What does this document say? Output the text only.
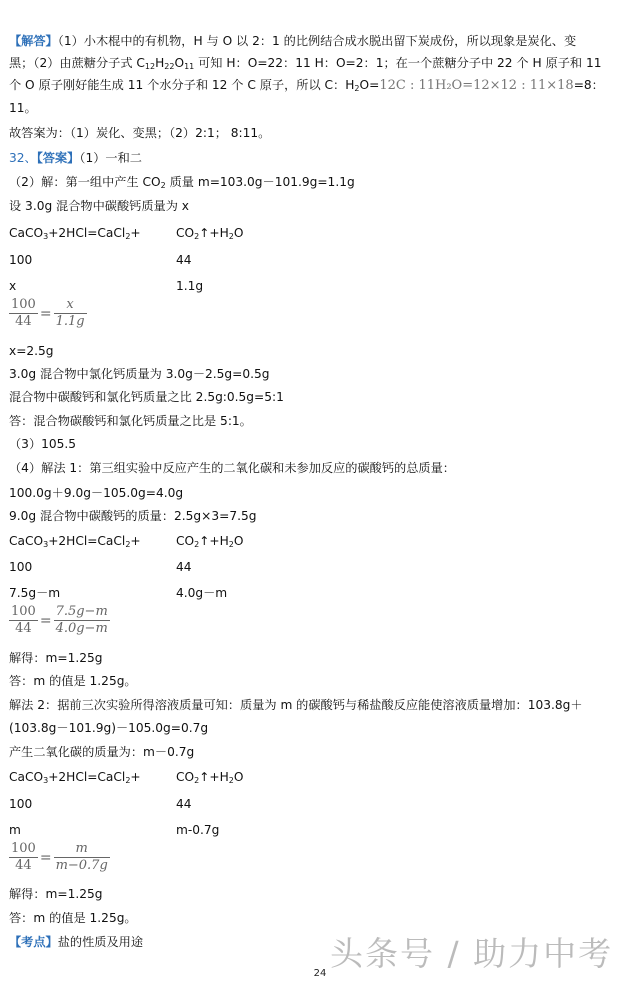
【解答】（1）小木棍中的有机物，H 与 O 以 2：1 的比例结合成水脱出留下炭成份，所以现象是炭化、变
黑；（2）由蔗糖分子式 $C_{12}H_{22}O_{11}$ 可知 H：O=22：11 H：O=2：1；在一个蔗糖分子中 22 个 H 原子和 11
个 O 原子刚好能生成 11 个水分子和 12 个 C 原子，所以 C：$H_2O=12C$ : 11H₂O=12×12 : 11×18=8：
11。
故答案为：（1）炭化、变黑；（2）2:1； 8:11。
32、【答案】（1）一和二
（2）解：第一组中产生 $CO_2$ 质量 m=103.0g－101.9g=1.1g
设 3.0g 混合物中碳酸钙质量为 x
CaCO$_3$+2HCl=CaCl$_2$+	$CO_2↑+H_2O$
100	44
x	1.1g
$\frac{100}{44} = \frac{x}{1.1g}$
x=2.5g
3.0g 混合物中氯化钙质量为 3.0g－2.5g=0.5g
混合物中碳酸钙和氯化钙质量之比 2.5g:0.5g=5:1
答：混合物碳酸钙和氯化钙质量之比是 5:1。
（3）105.5
（4）解法 1：第三组实验中反应产生的二氧化碳和未参加反应的碳酸钙的总质量：
100.0g＋9.0g－105.0g=4.0g
9.0g 混合物中碳酸钙的质量：2.5g×3=7.5g
CaCO$_3$+2HCl=CaCl$_2$+	$CO_2↑+H_2O$
100	44
7.5g－m	4.0g－m
$\frac{100}{44} = \frac{7.5g-m}{4.0g-m}$
解得：m=1.25g
答：m 的值是 1.25g。
解法 2：据前三次实验所得溶液质量可知：质量为 m 的碳酸钙与稀盐酸反应能使溶液质量增加：103.8g＋
(103.8g－101.9g)－105.0g=0.7g
产生二氧化碳的质量为：m－0.7g
CaCO$_3$+2HCl=CaCl$_2$+	$CO_2↑+H_2O$
100	44
m	m-0.7g
$\frac{100}{44} = \frac{m}{m-0.7g}$
解得：m=1.25g
答：m 的值是 1.25g。
【考点】盐的性质及用途	头条号 / 助力中考
24
